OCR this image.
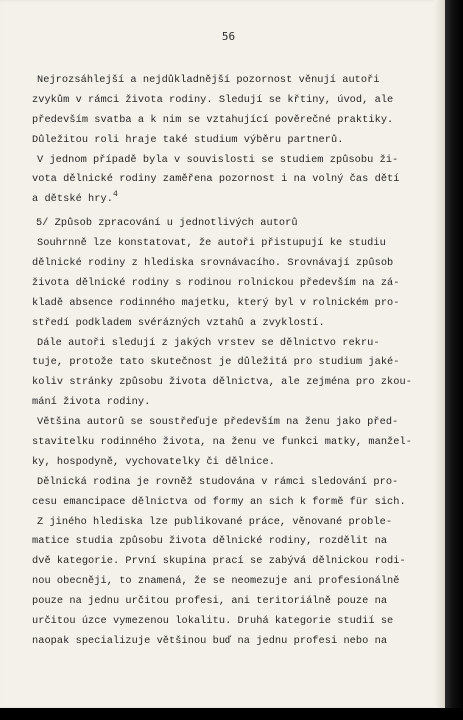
56
Nejrozsáhlejší a nejdůkladnější pozornost věnují autoři
zvykům v rámci života rodiny. Sledují se křtiny, úvod, ale
především svatba a k nim se vztahující pověrečné praktiky.
Důležitou roli hraje také studium výběru partnerů.
V jednom případě byla v souvislosti se studiem způsobu ži-
vota dělnické rodiny zaměřena pozornost i na volný čas dětí
a dětské hry.$^4$
5/ Způsob zpracování u jednotlivých autorů
Souhrnně lze konstatovat, že autoři přistupují ke studiu
dělnické rodiny z hlediska srovnávacího. Srovnávají způsob
života dělnické rodiny s rodinou rolnickou především na zá-
kladě absence rodinného majetku, který byl v rolnickém pro-
středí podkladem svérázných vztahů a zvyklostí.
Dále autoři sledují z jakých vrstev se dělnictvo rekru-
tuje, protože tato skutečnost je důležitá pro studium jaké-
koliv stránky způsobu života dělnictva, ale zejména pro zkou-
mání života rodiny.
Většina autorů se soustřeďuje především na ženu jako před-
stavitelku rodinného života, na ženu ve funkci matky, manžel-
ky, hospodyně, vychovatelky či dělnice.
Dělnická rodina je rovněž studována v rámci sledování pro-
cesu emancipace dělnictva od formy an sich k formě für sich.
Z jiného hlediska lze publikované práce, věnované proble-
matice studia způsobu života dělnické rodiny, rozdělit na
dvě kategorie. První skupina prací se zabývá dělnickou rodi-
nou obecněji, to znamená, že se neomezuje ani profesionálně
pouze na jednu určitou profesi, ani teritoriálně pouze na
určitou úzce vymezenou lokalitu. Druhá kategorie studií se
naopak specializuje většinou buď na jednu profesi nebo na
